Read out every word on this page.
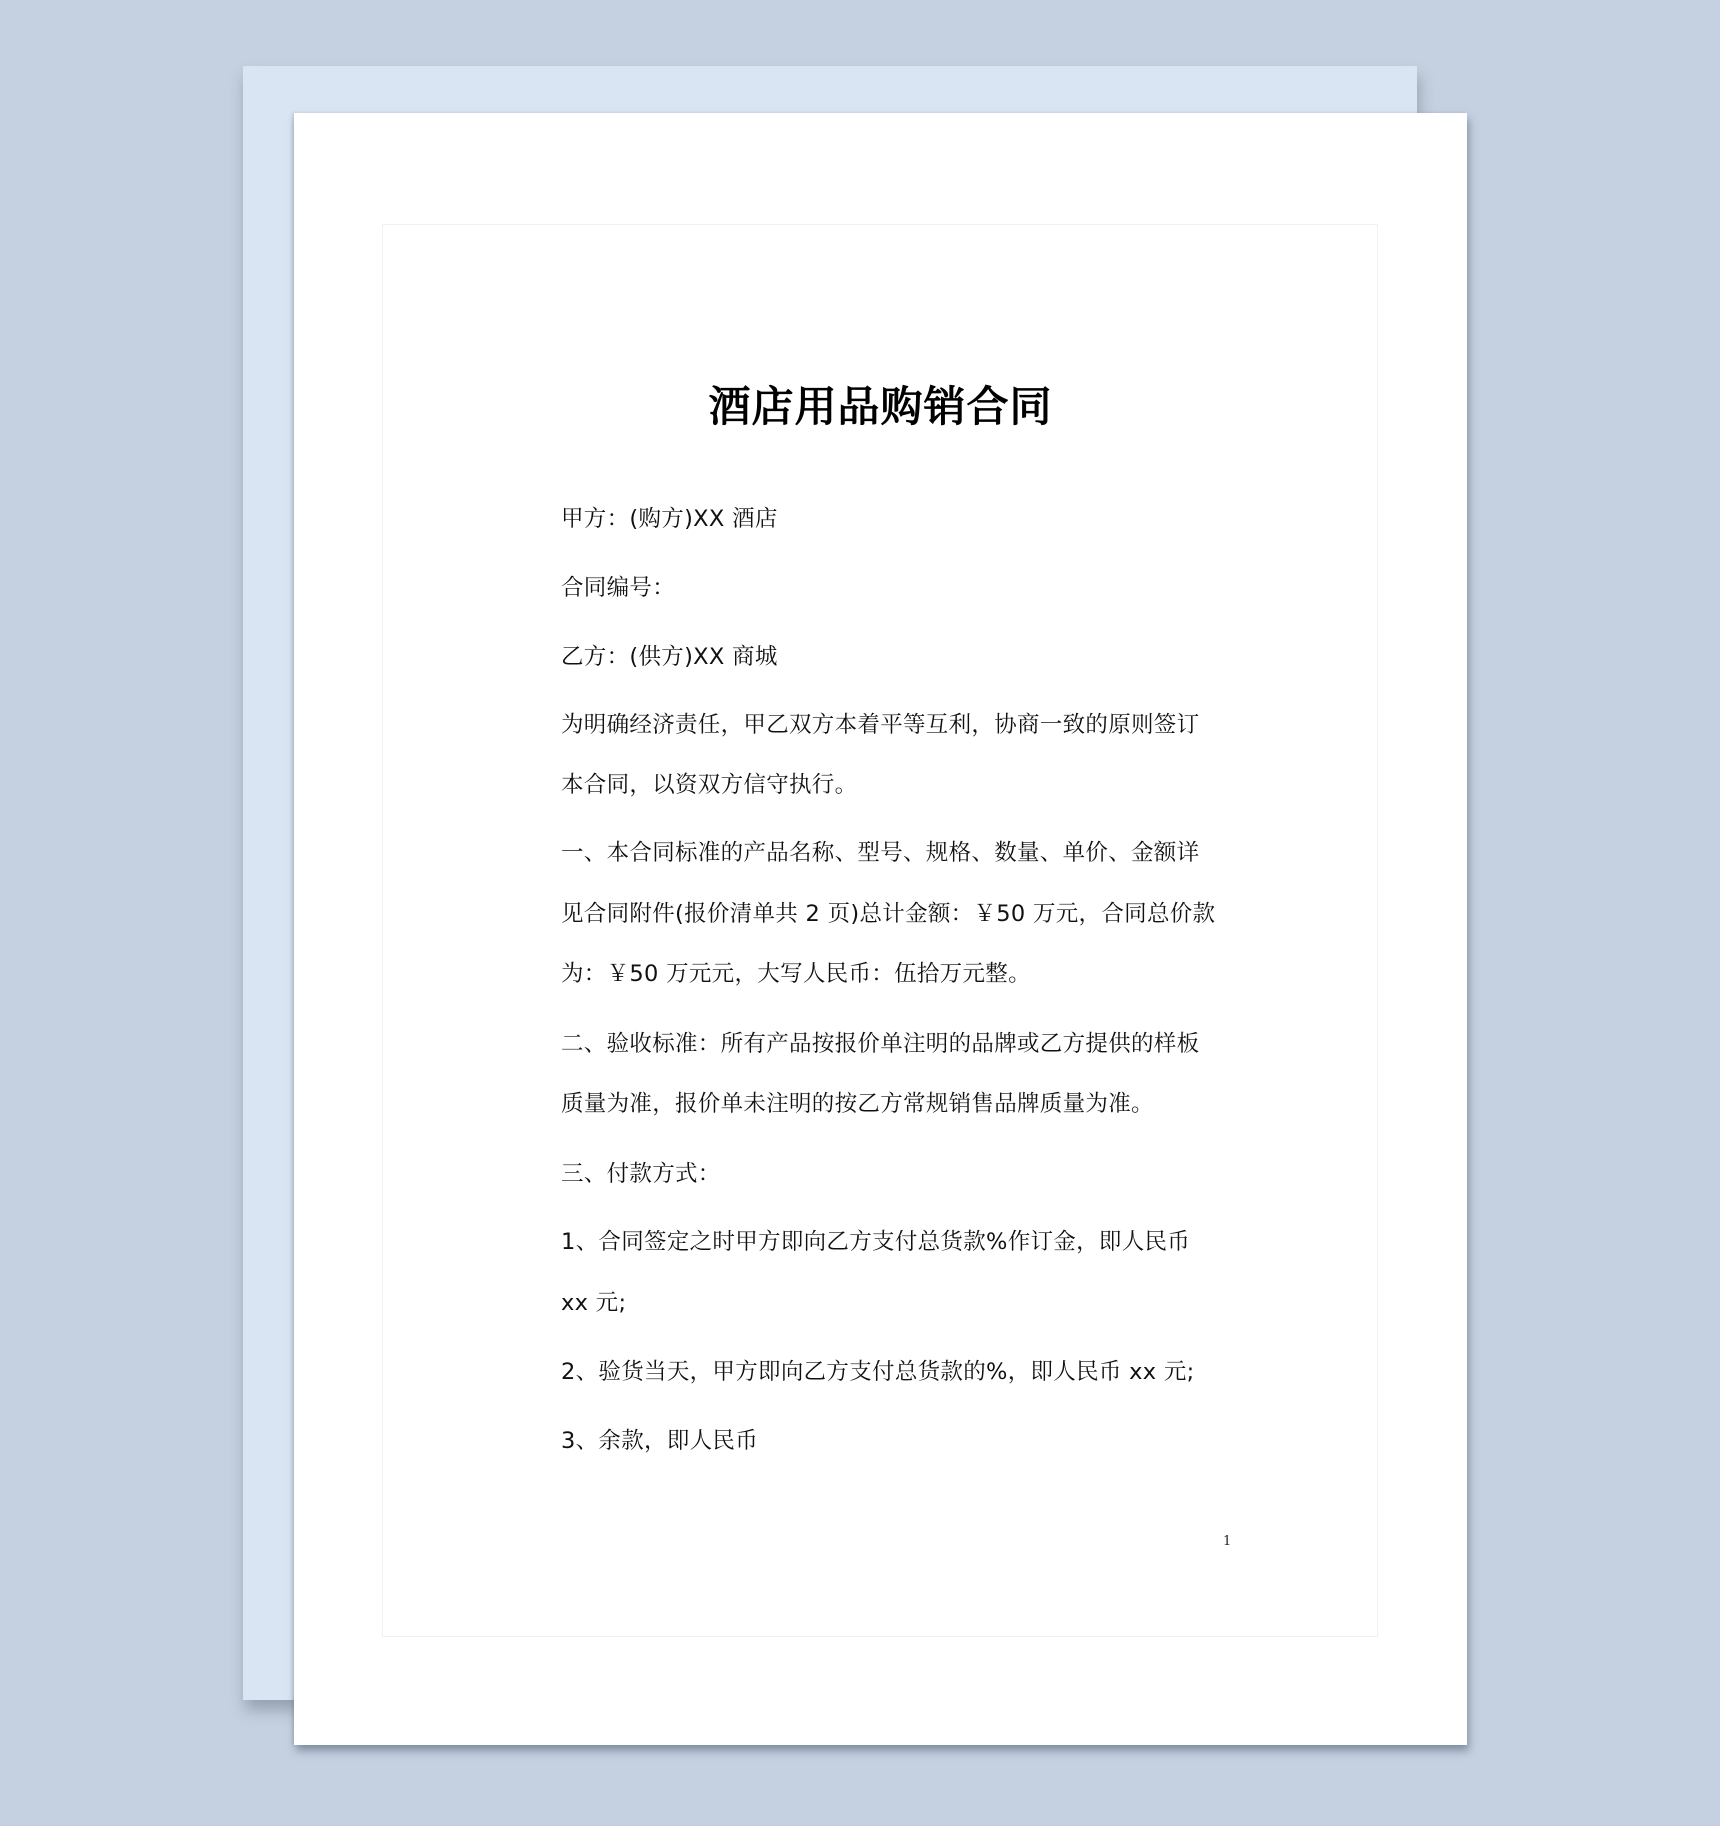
酒店用品购销合同
甲方：(购方)XX 酒店
合同编号：
乙方：(供方)XX 商城
为明确经济责任，甲乙双方本着平等互利，协商一致的原则签订
本合同，以资双方信守执行。
一、本合同标准的产品名称、型号、规格、数量、单价、金额详
见合同附件(报价清单共 2 页)总计金额：￥50 万元，合同总价款
为：￥50 万元元，大写人民币：伍拾万元整。
二、验收标准：所有产品按报价单注明的品牌或乙方提供的样板
质量为准，报价单未注明的按乙方常规销售品牌质量为准。
三、付款方式：
1、合同签定之时甲方即向乙方支付总货款%作订金，即人民币
xx 元;
2、验货当天，甲方即向乙方支付总货款的%，即人民币 xx 元;
3、余款，即人民币
1
